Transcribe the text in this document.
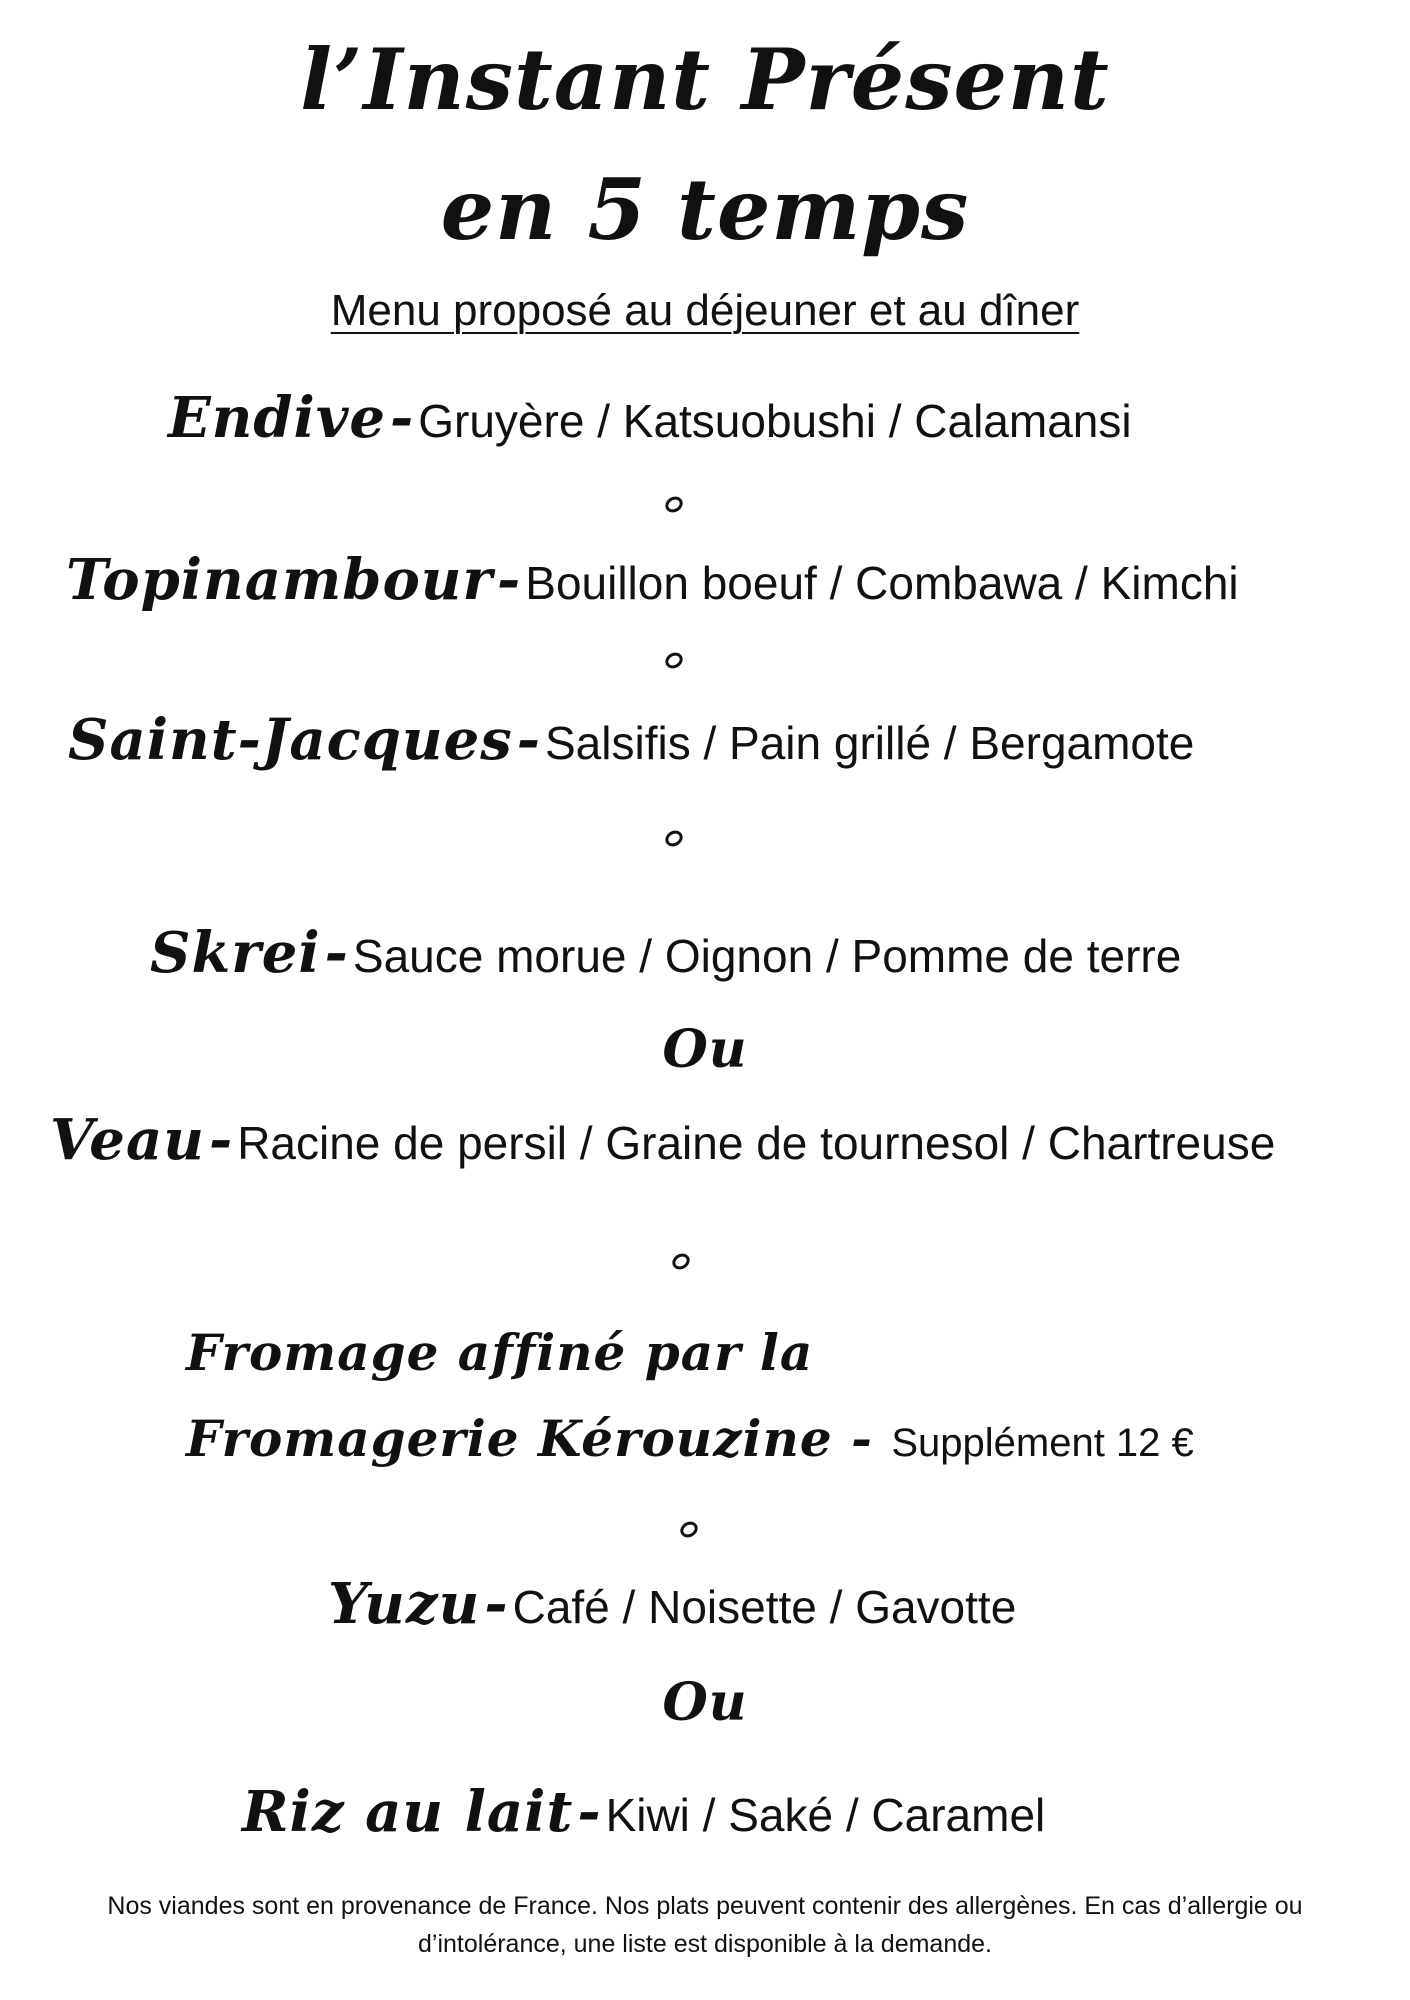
l’Instant Présent
en 5 temps
Menu proposé au déjeuner et au dîner
Endive - Gruyère / Katsuobushi / Calamansi
Topinambour - Bouillon boeuf / Combawa / Kimchi
Saint-Jacques - Salsifis / Pain grillé / Bergamote
Skrei - Sauce morue / Oignon / Pomme de terre
Ou
Veau - Racine de persil / Graine de tournesol / Chartreuse
Fromage affiné par la
Fromagerie Kérouzine - Supplément 12 €
Yuzu - Café / Noisette / Gavotte
Ou
Riz au lait - Kiwi / Saké / Caramel
Nos viandes sont en provenance de France. Nos plats peuvent contenir des allergènes. En cas d’allergie ou d’intolérance, une liste est disponible à la demande.
